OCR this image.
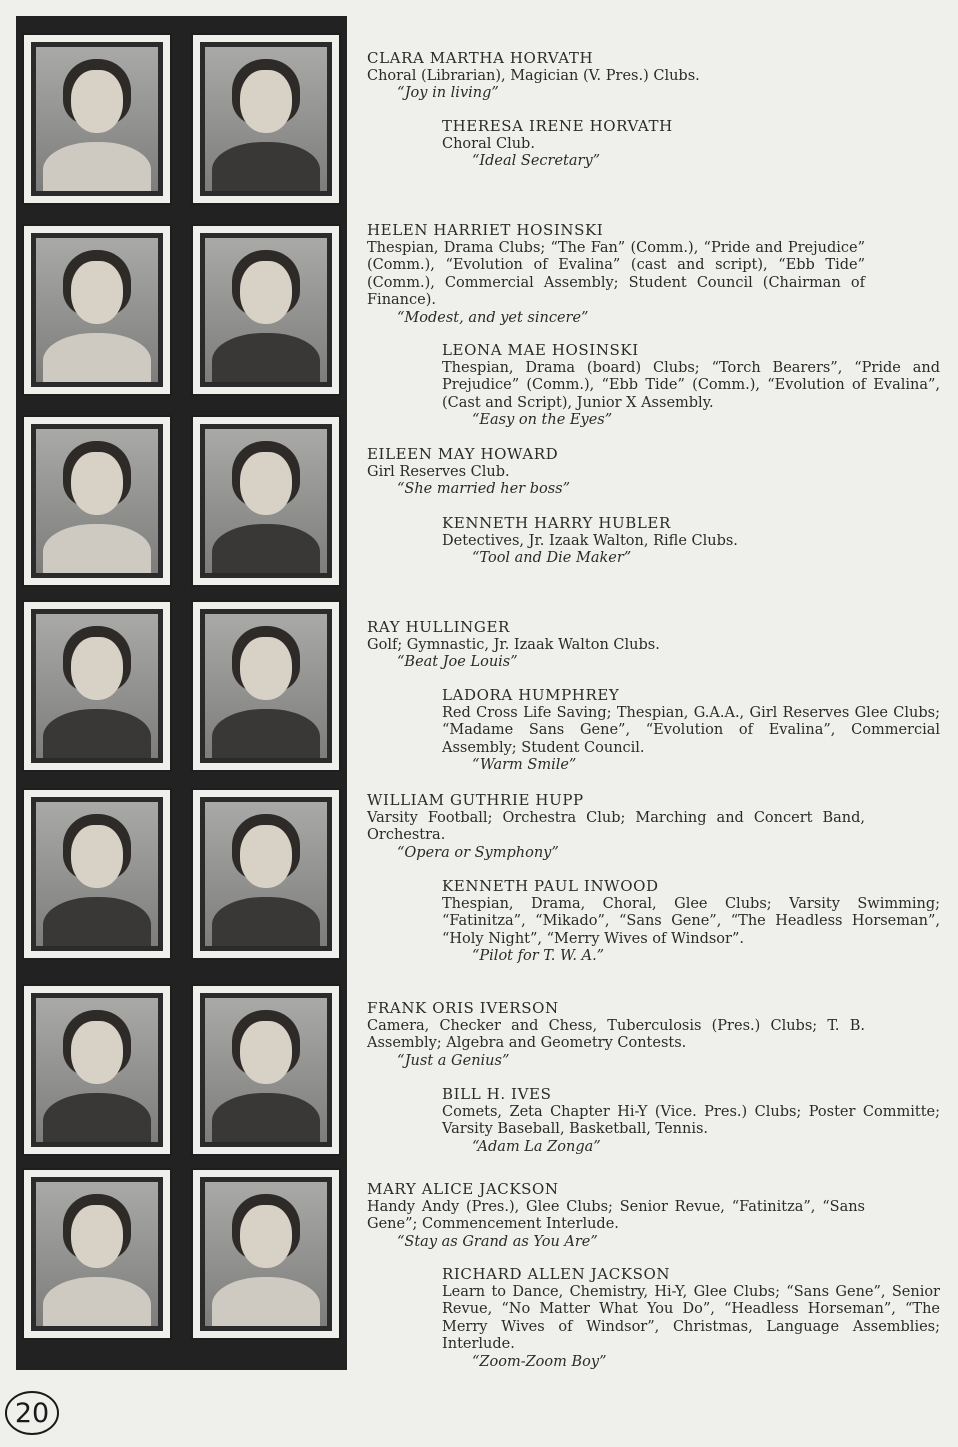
CLARA MARTHA HORVATH
Choral (Librarian), Magician (V. Pres.) Clubs.
“Joy in living”
THERESA IRENE HORVATH
Choral Club.
“Ideal Secretary”
HELEN HARRIET HOSINSKI
Thespian, Drama Clubs; “The Fan” (Comm.), “Pride and Prejudice” (Comm.), “Evolution of Evalina” (cast and script), “Ebb Tide” (Comm.), Commercial Assembly; Student Council (Chairman of Finance).
“Modest, and yet sincere”
LEONA MAE HOSINSKI
Thespian, Drama (board) Clubs; “Torch Bearers”, “Pride and Prejudice” (Comm.), “Ebb Tide” (Comm.), “Evolution of Evalina”, (Cast and Script), Junior X Assembly.
“Easy on the Eyes”
EILEEN MAY HOWARD
Girl Reserves Club.
“She married her boss”
KENNETH HARRY HUBLER
Detectives, Jr. Izaak Walton, Rifle Clubs.
“Tool and Die Maker”
RAY HULLINGER
Golf; Gymnastic, Jr. Izaak Walton Clubs.
“Beat Joe Louis”
LADORA HUMPHREY
Red Cross Life Saving; Thespian, G.A.A., Girl Reserves Glee Clubs; “Madame Sans Gene”, “Evolution of Evalina”, Commercial Assembly; Student Council.
“Warm Smile”
WILLIAM GUTHRIE HUPP
Varsity Football; Orchestra Club; Marching and Concert Band, Orchestra.
“Opera or Symphony”
KENNETH PAUL INWOOD
Thespian, Drama, Choral, Glee Clubs; Varsity Swimming; “Fatinitza”, “Mikado”, “Sans Gene”, “The Headless Horseman”, “Holy Night”, “Merry Wives of Windsor”.
“Pilot for T. W. A.”
FRANK ORIS IVERSON
Camera, Checker and Chess, Tuberculosis (Pres.) Clubs; T. B. Assembly; Algebra and Geometry Contests.
“Just a Genius”
BILL H. IVES
Comets, Zeta Chapter Hi-Y (Vice. Pres.) Clubs; Poster Committe; Varsity Baseball, Basketball, Tennis.
“Adam La Zonga”
MARY ALICE JACKSON
Handy Andy (Pres.), Glee Clubs; Senior Revue, “Fatinitza”, “Sans Gene”; Commencement Interlude.
“Stay as Grand as You Are”
RICHARD ALLEN JACKSON
Learn to Dance, Chemistry, Hi-Y, Glee Clubs; “Sans Gene”, Senior Revue, “No Matter What You Do”, “Headless Horseman”, “The Merry Wives of Windsor”, Christmas, Language Assemblies; Interlude.
“Zoom-Zoom Boy”
20
